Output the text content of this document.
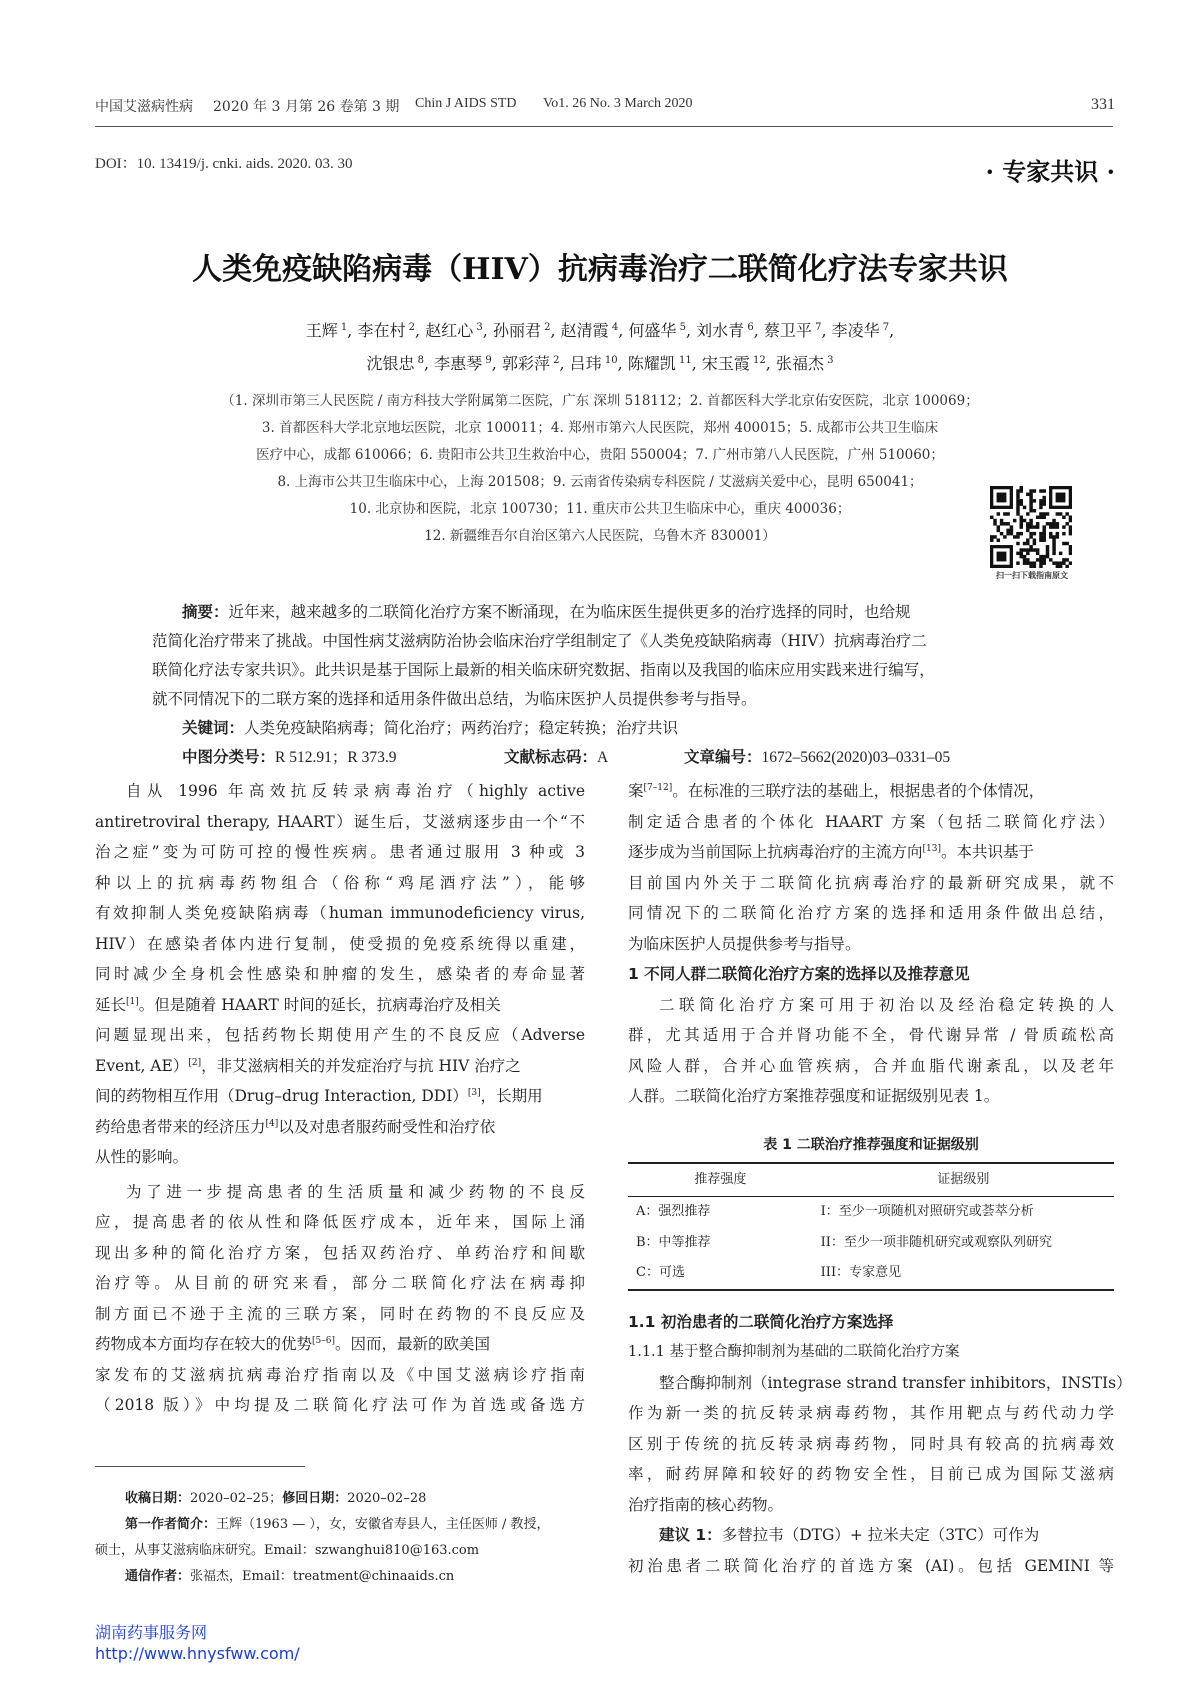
中国艾滋病性病 2020 年 3 月第 26 卷第 3 期 Chin J AIDS STD Vo1. 26 No. 3 March 2020	331
DOI：10. 13419/j. cnki. aids. 2020. 03. 30	· 专家共识 ·
人类免疫缺陷病毒（HIV）抗病毒治疗二联简化疗法专家共识
王辉 $^1$, 李在村 $^2$, 赵红心 $^3$, 孙丽君 $^2$, 赵清霞 $^4$, 何盛华 $^5$, 刘水青 $^6$, 蔡卫平 $^7$, 李凌华 $^7$,
沈银忠 $^8$, 李惠琴 $^9$, 郭彩萍 $^2$, 吕玮 $^{10}$, 陈耀凯 $^{11}$, 宋玉霞 $^{12}$, 张福杰 $^3$
（1. 深圳市第三人民医院 / 南方科技大学附属第二医院，广东 深圳 518112；2. 首都医科大学北京佑安医院，北京 100069；
3. 首都医科大学北京地坛医院，北京 100011；4. 郑州市第六人民医院，郑州 400015；5. 成都市公共卫生临床
医疗中心，成都 610066；6. 贵阳市公共卫生救治中心，贵阳 550004；7. 广州市第八人民医院，广州 510060；
8. 上海市公共卫生临床中心，上海 201508；9. 云南省传染病专科医院 / 艾滋病关爱中心，昆明 650041；
10. 北京协和医院，北京 100730；11. 重庆市公共卫生临床中心，重庆 400036；
12. 新疆维吾尔自治区第六人民医院，乌鲁木齐 830001）
扫一扫下载指南原文
摘要：近年来，越来越多的二联简化治疗方案不断涌现，在为临床医生提供更多的治疗选择的同时，也给规
范简化治疗带来了挑战。中国性病艾滋病防治协会临床治疗学组制定了《人类免疫缺陷病毒（HIV）抗病毒治疗二
联简化疗法专家共识》。此共识是基于国际上最新的相关临床研究数据、指南以及我国的临床应用实践来进行编写，
就不同情况下的二联方案的选择和适用条件做出总结，为临床医护人员提供参考与指导。
关键词：人类免疫缺陷病毒；简化治疗；两药治疗；稳定转换；治疗共识
中图分类号：R 512.91；R 373.9	文献标志码：A	文章编号：1672–5662(2020)03–0331–05
自从 1996 年高效抗反转录病毒治疗（highly active
antiretroviral therapy, HAART）诞生后，艾滋病逐步由一个“不
治之症”变为可防可控的慢性疾病。患者通过服用 3 种或 3
种以上的抗病毒药物组合（俗称“鸡尾酒疗法”），能够
有效抑制人类免疫缺陷病毒（human immunodeficiency virus,
HIV）在感染者体内进行复制，使受损的免疫系统得以重建，
同时减少全身机会性感染和肿瘤的发生，感染者的寿命显著
延长[1]。但是随着 HAART 时间的延长，抗病毒治疗及相关
问题显现出来，包括药物长期使用产生的不良反应（Adverse
Event, AE）[2]，非艾滋病相关的并发症治疗与抗 HIV 治疗之
间的药物相互作用（Drug–drug Interaction, DDI）[3]，长期用
药给患者带来的经济压力[4]以及对患者服药耐受性和治疗依
从性的影响。
为了进一步提高患者的生活质量和减少药物的不良反
应，提高患者的依从性和降低医疗成本，近年来，国际上涌
现出多种的简化治疗方案，包括双药治疗、单药治疗和间歇
治疗等。从目前的研究来看，部分二联简化疗法在病毒抑
制方面已不逊于主流的三联方案，同时在药物的不良反应及
药物成本方面均存在较大的优势[5–6]。因而，最新的欧美国
家发布的艾滋病抗病毒治疗指南以及《中国艾滋病诊疗指南
（2018 版）》中均提及二联简化疗法可作为首选或备选方
案[7–12]。在标准的三联疗法的基础上，根据患者的个体情况，
制定适合患者的个体化 HAART 方案（包括二联简化疗法）
逐步成为当前国际上抗病毒治疗的主流方向[13]。本共识基于
目前国内外关于二联简化抗病毒治疗的最新研究成果，就不
同情况下的二联简化治疗方案的选择和适用条件做出总结，
为临床医护人员提供参考与指导。
1 不同人群二联简化治疗方案的选择以及推荐意见
二联简化治疗方案可用于初治以及经治稳定转换的人
群，尤其适用于合并肾功能不全，骨代谢异常 / 骨质疏松高
风险人群，合并心血管疾病，合并血脂代谢紊乱，以及老年
人群。二联简化治疗方案推荐强度和证据级别见表 1。
表 1 二联治疗推荐强度和证据级别
推荐强度	证据级别
A：强烈推荐	I：至少一项随机对照研究或荟萃分析
B：中等推荐	II：至少一项非随机研究或观察队列研究
C：可选	III：专家意见
1.1 初治患者的二联简化治疗方案选择
1.1.1 基于整合酶抑制剂为基础的二联简化治疗方案
整合酶抑制剂（integrase strand transfer inhibitors，INSTIs）
作为新一类的抗反转录病毒药物，其作用靶点与药代动力学
区别于传统的抗反转录病毒药物，同时具有较高的抗病毒效
率，耐药屏障和较好的药物安全性，目前已成为国际艾滋病
治疗指南的核心药物。
建议 1：多替拉韦（DTG）+ 拉米夫定（3TC）可作为
初治患者二联简化治疗的首选方案 (AI)。包括 GEMINI 等
收稿日期：2020–02–25；修回日期：2020–02–28
第一作者简介：王辉（1963 — ），女，安徽省寿县人，主任医师 / 教授，
硕士，从事艾滋病临床研究。Email：szwanghui810@163.com
通信作者：张福杰，Email：treatment@chinaaids.cn
湖南药事服务网
http://www.hnysfww.com/
